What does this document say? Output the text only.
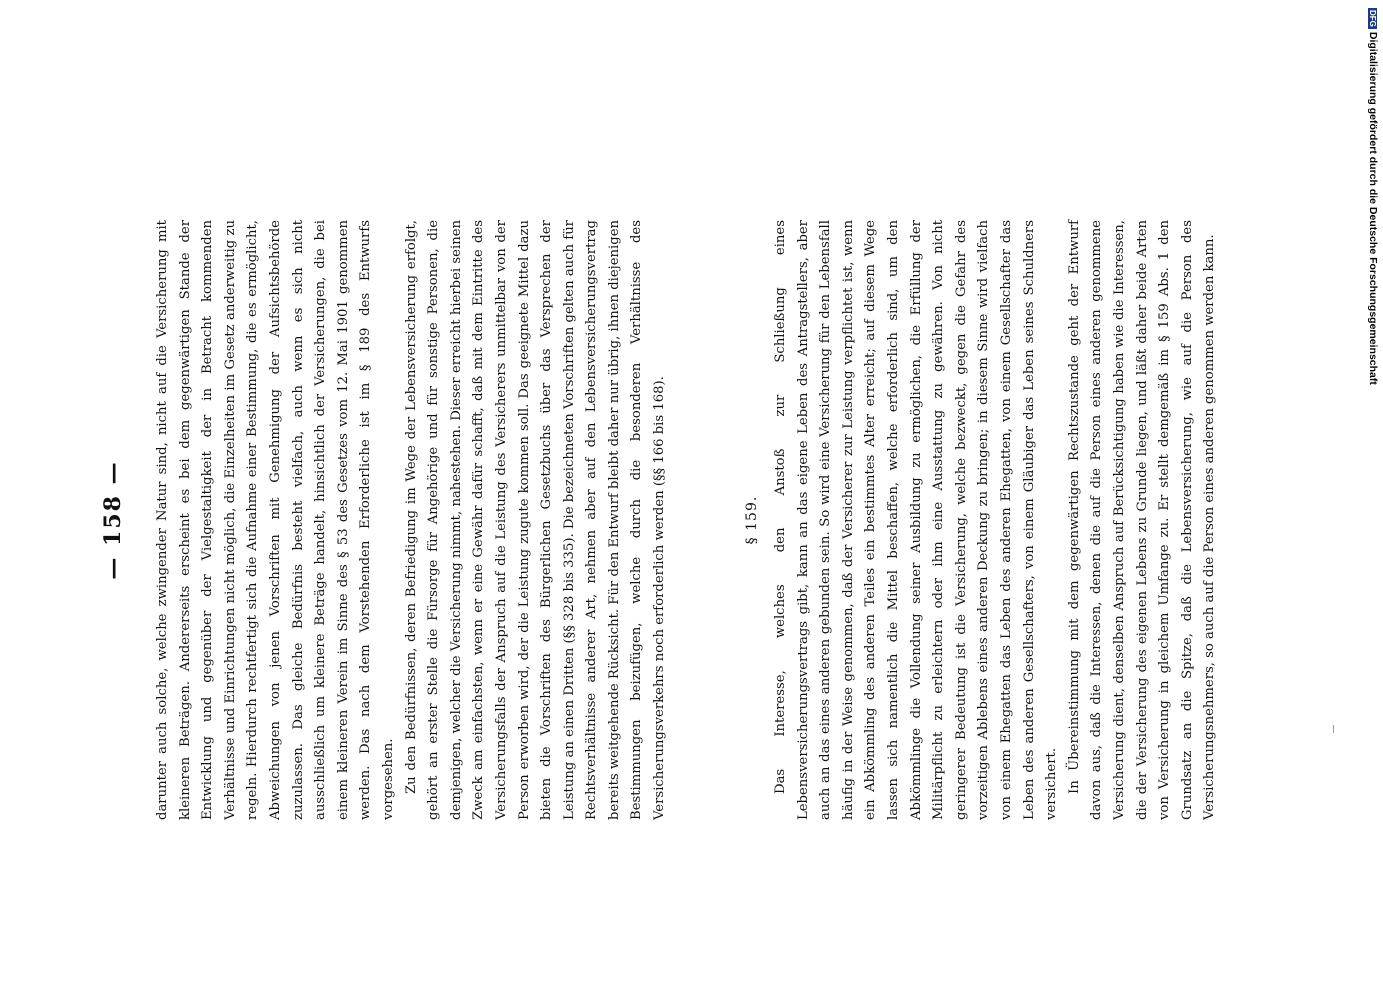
— 158 — darunter auch solche, welche zwingender Natur sind, nicht auf die Versicherung mit kleineren Beträgen. Andererseits erscheint es bei dem gegenwärtigen Stande der Entwicklung und gegenüber der Vielgestaltigkeit der in Betracht kommenden Verhältnisse und Einrichtungen nicht möglich, die Einzelheiten im Gesetz anderweitig zu regeln. Hierdurch rechtfertigt sich die Aufnahme einer Bestimmung, die es ermöglicht, Abweichungen von jenen Vorschriften mit Genehmigung der Aufsichtsbehörde zuzulassen. Das gleiche Bedürfnis besteht vielfach, auch wenn es sich nicht ausschließlich um kleinere Beträge handelt, hinsichtlich der Versicherungen, die bei einem kleineren Verein im Sinne des § 53 des Gesetzes vom 12. Mai 1901 genommen werden. Das nach dem Vorstehenden Erforderliche ist im § 189 des Entwurfs vorgesehen. Zu den Bedürfnissen, deren Befriedigung im Wege der Lebensversicherung erfolgt, gehört an erster Stelle die Fürsorge für Angehörige und für sonstige Personen, die demjenigen, welcher die Versicherung nimmt, nahestehen. Dieser erreicht hierbei seinen Zweck am einfachsten, wenn er eine Gewähr dafür schafft, daß mit dem Eintritte des Versicherungsfalls der Anspruch auf die Leistung des Versicherers unmittelbar von der Person erworben wird, der die Leistung zugute kommen soll. Das geeignete Mittel dazu bieten die Vorschriften des Bürgerlichen Gesetzbuchs über das Versprechen der Leistung an einen Dritten (§§ 328 bis 335). Die bezeichneten Vorschriften gelten auch für Rechtsverhältnisse anderer Art, nehmen aber auf den Lebensversicherungsvertrag bereits weitgehende Rücksicht. Für den Entwurf bleibt daher nur übrig, ihnen diejenigen Bestimmungen beizufügen, welche durch die besonderen Verhältnisse des Versicherungsverkehrs noch erforderlich werden (§§ 166 bis 168).	§ 159. Das Interesse, welches den Anstoß zur Schließung eines Lebensversicherungsvertrags gibt, kann an das eigene Leben des Antragstellers, aber auch an das eines anderen gebunden sein. So wird eine Versicherung für den Lebensfall häufig in der Weise genommen, daß der Versicherer zur Leistung verpflichtet ist, wenn ein Abkömmling des anderen Teiles ein bestimmtes Alter erreicht; auf diesem Wege lassen sich namentlich die Mittel beschaffen, welche erforderlich sind, um den Abkömmlinge die Vollendung seiner Ausbildung zu ermöglichen, die Erfüllung der Militärpflicht zu erleichtern oder ihm eine Ausstattung zu gewähren. Von nicht geringerer Bedeutung ist die Versicherung, welche bezweckt, gegen die Gefahr des vorzeitigen Ablebens eines anderen Deckung zu bringen; in diesem Sinne wird vielfach von einem Ehegatten das Leben des anderen Ehegatten, von einem Gesellschafter das Leben des anderen Gesellschafters, von einem Gläubiger das Leben seines Schuldners versichert. In Übereinstimmung mit dem gegenwärtigen Rechtszustande geht der Entwurf davon aus, daß die Interessen, denen die auf die Person eines anderen genommene Versicherung dient, denselben Anspruch auf Berücksichtigung haben wie die Interessen, die der Versicherung des eigenen Lebens zu Grunde liegen, und läßt daher beide Arten von Versicherung in gleichem Umfange zu. Er stellt demgemäß im § 159 Abs. 1 den Grundsatz an die Spitze, daß die Lebensversicherung, wie auf die Person des Versicherungsnehmers, so auch auf die Person eines anderen genommen werden kann.

DFGDigitalisierung gefördert durch die Deutsche Forschungsgemeinschaft
